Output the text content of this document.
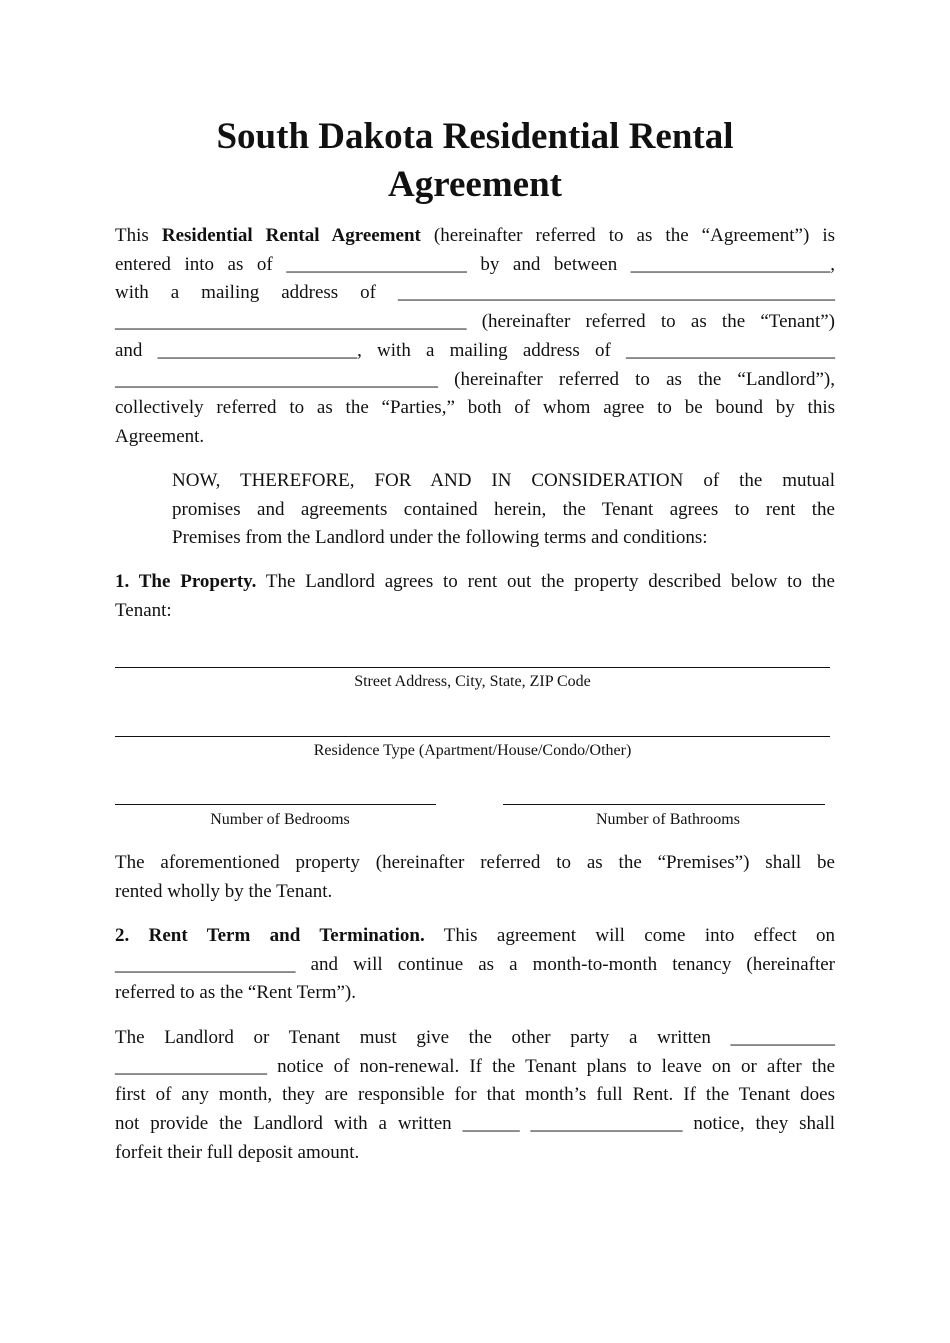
South Dakota Residential Rental
Agreement
This Residential Rental Agreement (hereinafter referred to as the “Agreement”) is
entered into as of ___________________ by and between _____________________,
with a mailing address of ______________________________________________
_____________________________________ (hereinafter referred to as the “Tenant”)
and _____________________, with a mailing address of ______________________
__________________________________ (hereinafter referred to as the “Landlord”),
collectively referred to as the “Parties,” both of whom agree to be bound by this
Agreement.
NOW, THEREFORE, FOR AND IN CONSIDERATION of the mutual
promises and agreements contained herein, the Tenant agrees to rent the
Premises from the Landlord under the following terms and conditions:
1. The Property. The Landlord agrees to rent out the property described below to the
Tenant:
Street Address, City, State, ZIP Code
Residence Type (Apartment/House/Condo/Other)
Number of Bedrooms	Number of Bathrooms
The aforementioned property (hereinafter referred to as the “Premises”) shall be
rented wholly by the Tenant.
2. Rent Term and Termination. This agreement will come into effect on
___________________ and will continue as a month-to-month tenancy (hereinafter
referred to as the “Rent Term”).
The Landlord or Tenant must give the other party a written ___________
________________ notice of non-renewal. If the Tenant plans to leave on or after the
first of any month, they are responsible for that month’s full Rent. If the Tenant does
not provide the Landlord with a written ______ ________________ notice, they shall
forfeit their full deposit amount.
